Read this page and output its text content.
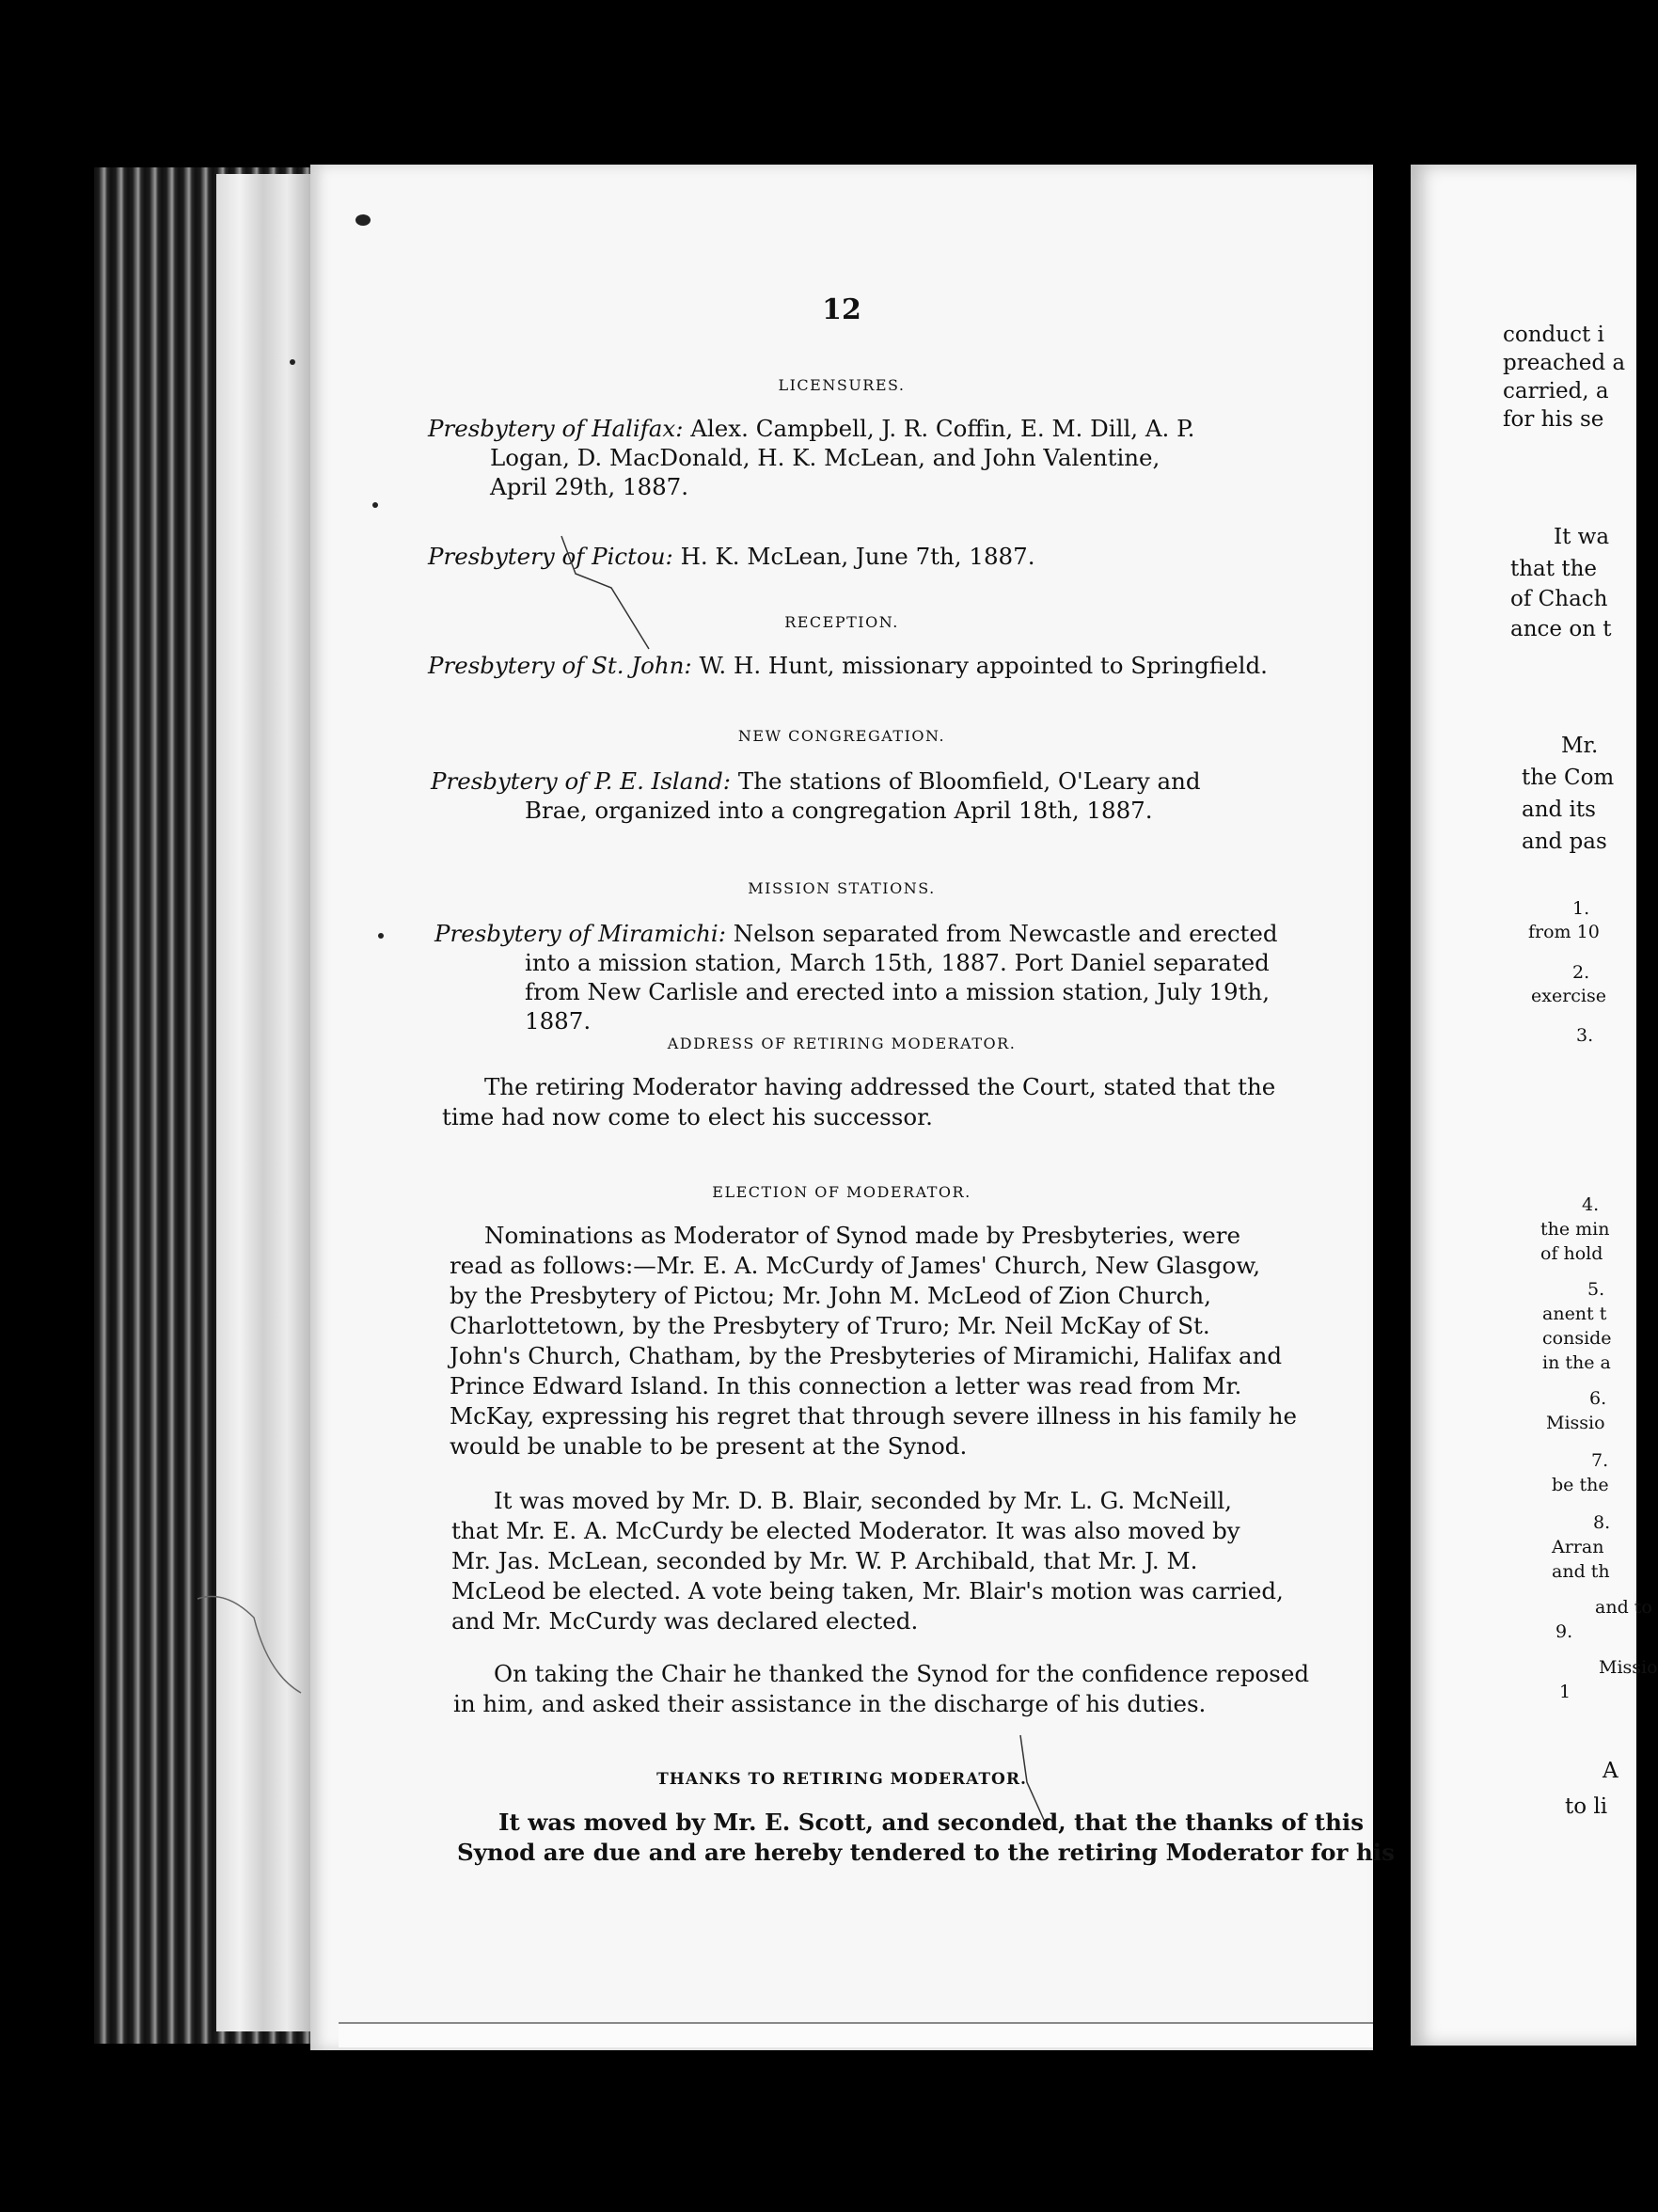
12
LICENSURES.
Presbytery of Halifax: Alex. Campbell, J. R. Coffin, E. M. Dill, A. P.
Logan, D. MacDonald, H. K. McLean, and John Valentine,
April 29th, 1887.
Presbytery of Pictou: H. K. McLean, June 7th, 1887.
RECEPTION.
Presbytery of St. John: W. H. Hunt, missionary appointed to Springfield.
NEW CONGREGATION.
Presbytery of P. E. Island: The stations of Bloomfield, O'Leary and
Brae, organized into a congregation April 18th, 1887.
MISSION STATIONS.
Presbytery of Miramichi: Nelson separated from Newcastle and erected
into a mission station, March 15th, 1887. Port Daniel separated
from New Carlisle and erected into a mission station, July 19th,
1887.
ADDRESS OF RETIRING MODERATOR.
The retiring Moderator having addressed the Court, stated that the
time had now come to elect his successor.
ELECTION OF MODERATOR.
Nominations as Moderator of Synod made by Presbyteries, were
read as follows:—Mr. E. A. McCurdy of James' Church, New Glasgow,
by the Presbytery of Pictou; Mr. John M. McLeod of Zion Church,
Charlottetown, by the Presbytery of Truro; Mr. Neil McKay of St.
John's Church, Chatham, by the Presbyteries of Miramichi, Halifax and
Prince Edward Island. In this connection a letter was read from Mr.
McKay, expressing his regret that through severe illness in his family he
would be unable to be present at the Synod.
It was moved by Mr. D. B. Blair, seconded by Mr. L. G. McNeill,
that Mr. E. A. McCurdy be elected Moderator. It was also moved by
Mr. Jas. McLean, seconded by Mr. W. P. Archibald, that Mr. J. M.
McLeod be elected. A vote being taken, Mr. Blair's motion was carried,
and Mr. McCurdy was declared elected.
On taking the Chair he thanked the Synod for the confidence reposed
in him, and asked their assistance in the discharge of his duties.
THANKS TO RETIRING MODERATOR.
It was moved by Mr. E. Scott, and seconded, that the thanks of this
Synod are due and are hereby tendered to the retiring Moderator for his
conduct i
preached a
carried, a
for his se
It wa
that the
of Chach
ance on t
Mr.
the Com
and its
and pas
1.
from 10
2.
exercise
3.
4.
the min
of hold
5.
anent t
conside
in the a
6.
Missio
7.
be the
8.
Arran
and th
and to
9.
Missio
1
A
to li
